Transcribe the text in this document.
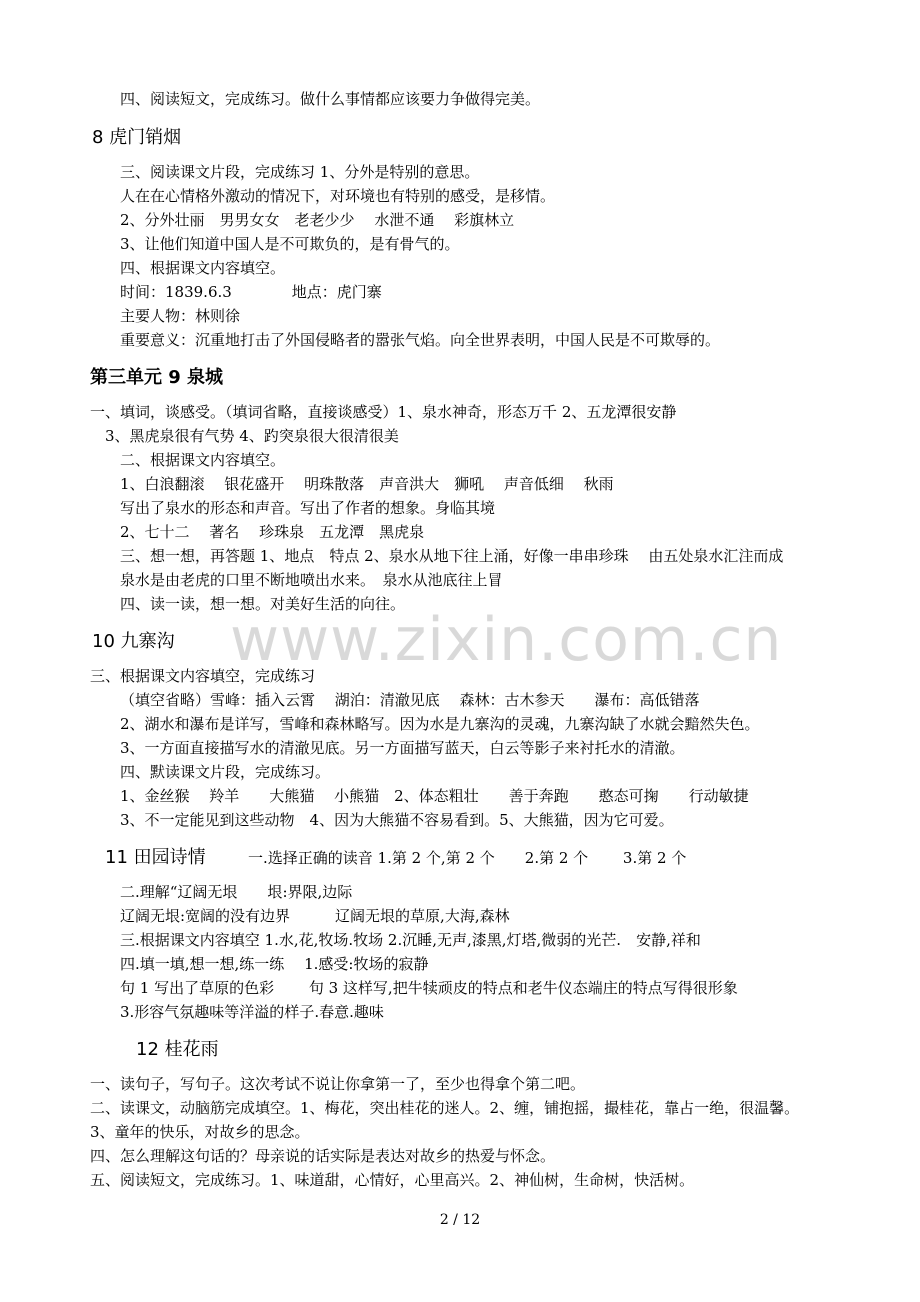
www.zixin.com.cn
四、阅读短文，完成练习。做什么事情都应该要力争做得完美。
8 虎门销烟
三、阅读课文片段，完成练习 1、分外是特别的意思。
人在在心情格外激动的情况下，对环境也有特别的感受，是移情。
2、分外壮丽　男男女女　老老少少　 水泄不通　 彩旗林立
3、让他们知道中国人是不可欺负的，是有骨气的。
四、根据课文内容填空。
时间：1839.6.3　　　　地点：虎门寨
主要人物：林则徐
重要意义：沉重地打击了外国侵略者的嚣张气焰。向全世界表明，中国人民是不可欺辱的。
第三单元 9 泉城
一、填词，谈感受。（填词省略，直接谈感受）1、泉水神奇，形态万千 2、五龙潭很安静
3、黑虎泉很有气势 4、趵突泉很大很清很美
二、根据课文内容填空。
1、白浪翻滚　 银花盛开　 明珠散落　声音洪大　狮吼　 声音低细　 秋雨
写出了泉水的形态和声音。写出了作者的想象。身临其境
2、七十二　 著名　 珍珠泉　五龙潭　黑虎泉
三、想一想，再答题 1、地点　特点 2、泉水从地下往上涌，好像一串串珍珠　 由五处泉水汇注而成
泉水是由老虎的口里不断地喷出水来。　泉水从池底往上冒
四、读一读，想一想。对美好生活的向往。
10 九寨沟
三、根据课文内容填空，完成练习
（填空省略）雪峰：插入云霄　 湖泊：清澈见底　 森林：古木参天　　瀑布：高低错落
2、湖水和瀑布是详写，雪峰和森林略写。因为水是九寨沟的灵魂，九寨沟缺了水就会黯然失色。
3、一方面直接描写水的清澈见底。另一方面描写蓝天，白云等影子来衬托水的清澈。
四、默读课文片段，完成练习。
1、金丝猴　 羚羊　　大熊猫　 小熊猫　2、体态粗壮　　善于奔跑　　憨态可掬　　行动敏捷
3、不一定能见到这些动物　4、因为大熊猫不容易看到。5、大熊猫，因为它可爱。
11 田园诗情	一.选择正确的读音 1.第 2 个,第 2 个　　2.第 2 个　　 3.第 2 个
二.理解“辽阔无垠　　垠:界限,边际
辽阔无垠:宽阔的没有边界　　　辽阔无垠的草原,大海,森林
三.根据课文内容填空 1.水,花,牧场.牧场 2.沉睡,无声,漆黑,灯塔,微弱的光芒.　安静,祥和
四.填一填,想一想,练一练　 1.感受:牧场的寂静
句 1 写出了草原的色彩　　 句 3 这样写,把牛犊顽皮的特点和老牛仪态端庄的特点写得很形象
3.形容气氛趣味等洋溢的样子.春意.趣味
12 桂花雨
一、读句子，写句子。这次考试不说让你拿第一了，至少也得拿个第二吧。
二、读课文，动脑筋完成填空。1、梅花，突出桂花的迷人。2、缠，铺抱摇，撮桂花，靠占一绝，很温馨。
3、童年的快乐，对故乡的思念。
四、怎么理解这句话的？母亲说的话实际是表达对故乡的热爱与怀念。
五、阅读短文，完成练习。1、味道甜，心情好，心里高兴。2、神仙树，生命树，快活树。
2 / 12
